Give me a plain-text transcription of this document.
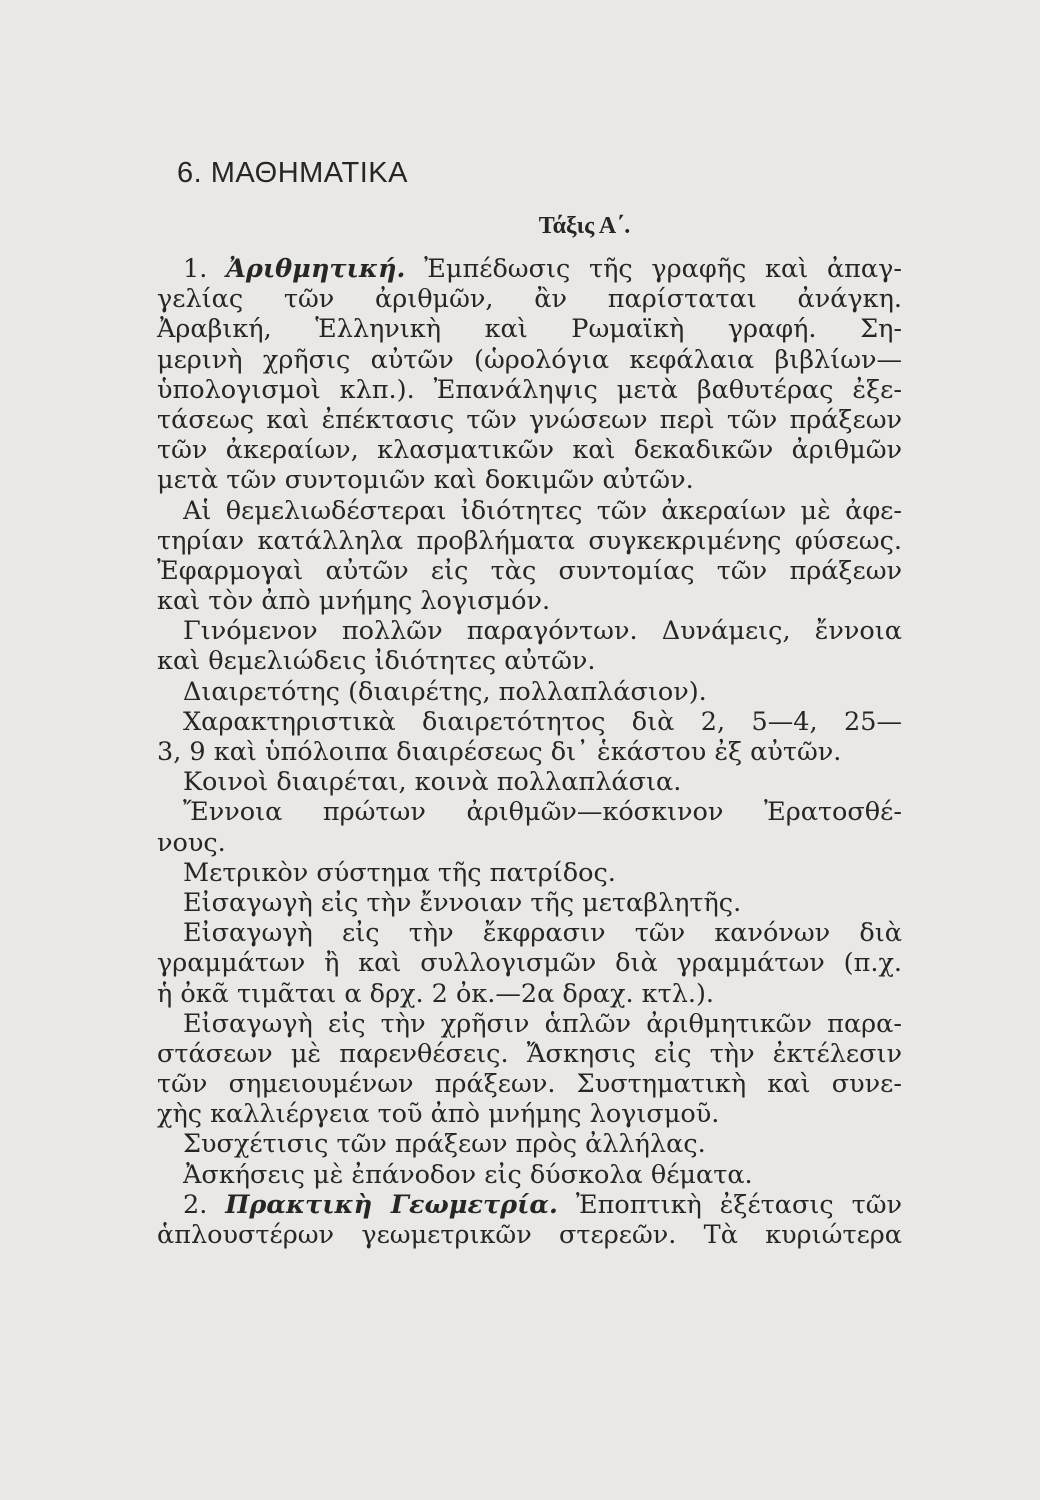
6. ΜΑΘΗΜΑΤΙΚΑ
Τάξις Α΄.
1. Ἀριθμητική. Ἐμπέδωσις τῆς γραφῆς καὶ ἀπαγ-
γελίας τῶν ἀριθμῶν, ἂν παρίσταται ἀνάγκη.
Ἀραβική, Ἑλληνικὴ καὶ Ρωμαϊκὴ γραφή. Ση-
μερινὴ χρῆσις αὐτῶν (ὡρολόγια κεφάλαια βιβλίων—
ὑπολογισμοὶ κλπ.). Ἐπανάληψις μετὰ βαθυτέρας ἐξε-
τάσεως καὶ ἐπέκτασις τῶν γνώσεων περὶ τῶν πράξεων
τῶν ἀκεραίων, κλασματικῶν καὶ δεκαδικῶν ἀριθμῶν
μετὰ τῶν συντομιῶν καὶ δοκιμῶν αὐτῶν.
Αἱ θεμελιωδέστεραι ἰδιότητες τῶν ἀκεραίων μὲ ἀφε-
τηρίαν κατάλληλα προβλήματα συγκεκριμένης φύσεως.
Ἐφαρμογαὶ αὐτῶν εἰς τὰς συντομίας τῶν πράξεων
καὶ τὸν ἀπὸ μνήμης λογισμόν.
Γινόμενον πολλῶν παραγόντων. Δυνάμεις, ἔννοια
καὶ θεμελιώδεις ἰδιότητες αὐτῶν.
Διαιρετότης (διαιρέτης, πολλαπλάσιον).
Χαρακτηριστικὰ διαιρετότητος διὰ 2, 5—4, 25—
3, 9 καὶ ὑπόλοιπα διαιρέσεως δι᾽ ἑκάστου ἐξ αὐτῶν.
Κοινοὶ διαιρέται, κοινὰ πολλαπλάσια.
Ἔννοια πρώτων ἀριθμῶν—κόσκινον Ἐρατοσθέ-
νους.
Μετρικὸν σύστημα τῆς πατρίδος.
Εἰσαγωγὴ εἰς τὴν ἔννοιαν τῆς μεταβλητῆς.
Εἰσαγωγὴ εἰς τὴν ἔκφρασιν τῶν κανόνων διὰ
γραμμάτων ἢ καὶ συλλογισμῶν διὰ γραμμάτων (π.χ.
ἡ ὀκᾶ τιμᾶται α δρχ. 2 ὀκ.—2α δραχ. κτλ.).
Εἰσαγωγὴ εἰς τὴν χρῆσιν ἁπλῶν ἀριθμητικῶν παρα-
στάσεων μὲ παρενθέσεις. Ἄσκησις εἰς τὴν ἐκτέλεσιν
τῶν σημειουμένων πράξεων. Συστηματικὴ καὶ συνε-
χὴς καλλιέργεια τοῦ ἀπὸ μνήμης λογισμοῦ.
Συσχέτισις τῶν πράξεων πρὸς ἀλλήλας.
Ἀσκήσεις μὲ ἐπάνοδον εἰς δύσκολα θέματα.
2. Πρακτικὴ Γεωμετρία. Ἐποπτικὴ ἐξέτασις τῶν
ἁπλουστέρων γεωμετρικῶν στερεῶν. Τὰ κυριώτερα
